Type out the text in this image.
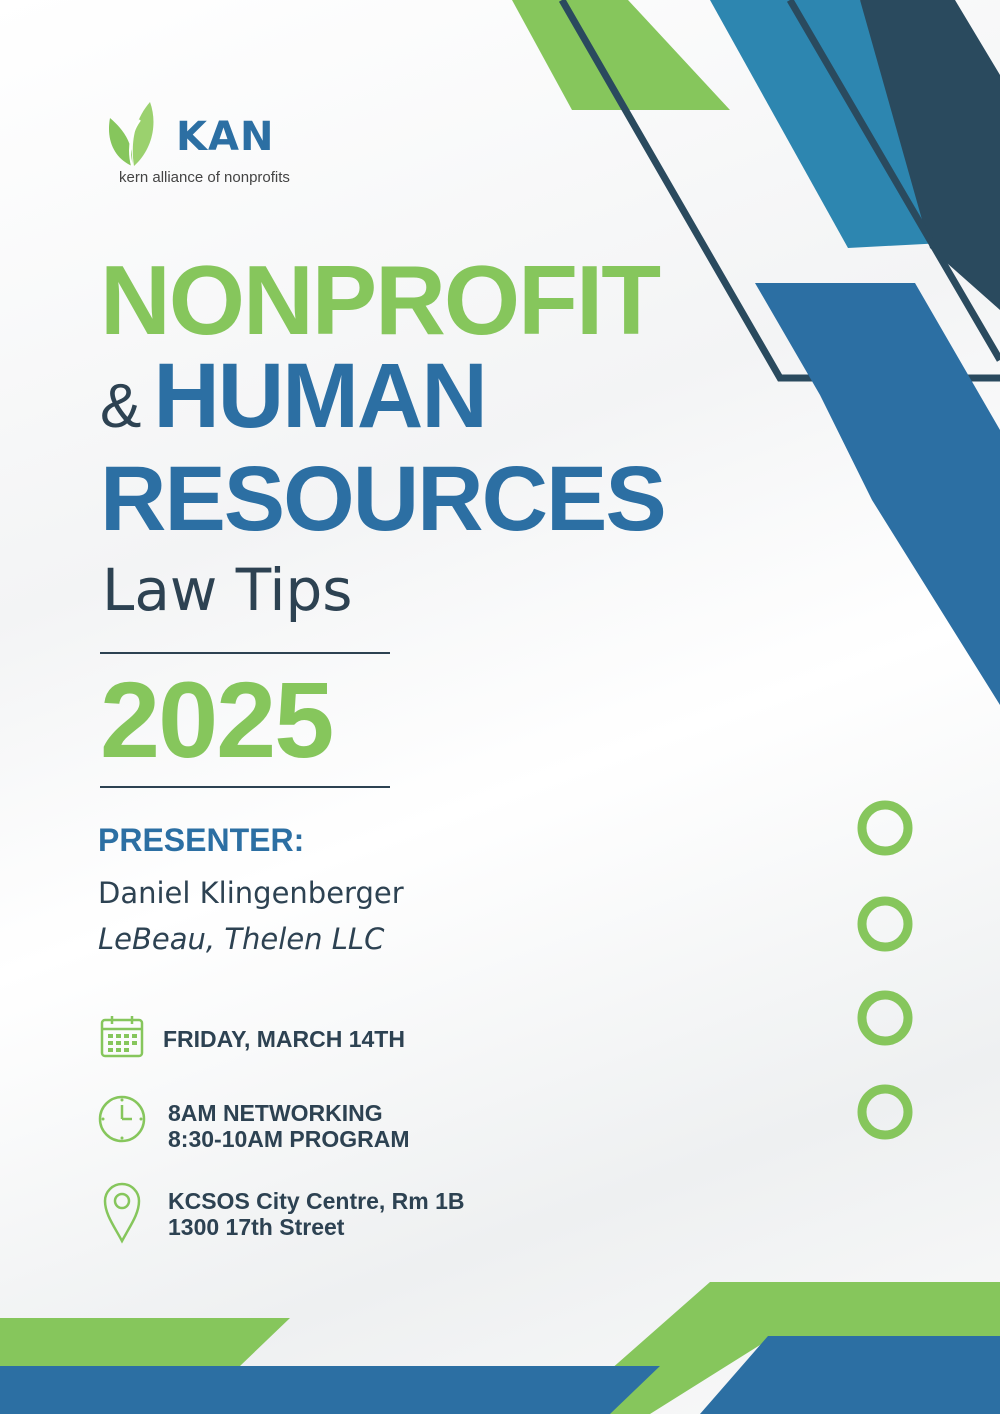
KAN
kern alliance of nonprofits
NONPROFIT
& HUMAN
RESOURCES
Law Tips
2025
PRESENTER:
Daniel Klingenberger
LeBeau, Thelen LLC
FRIDAY, MARCH 14TH
8AM NETWORKING
8:30-10AM PROGRAM
KCSOS City Centre, Rm 1B
1300 17th Street
